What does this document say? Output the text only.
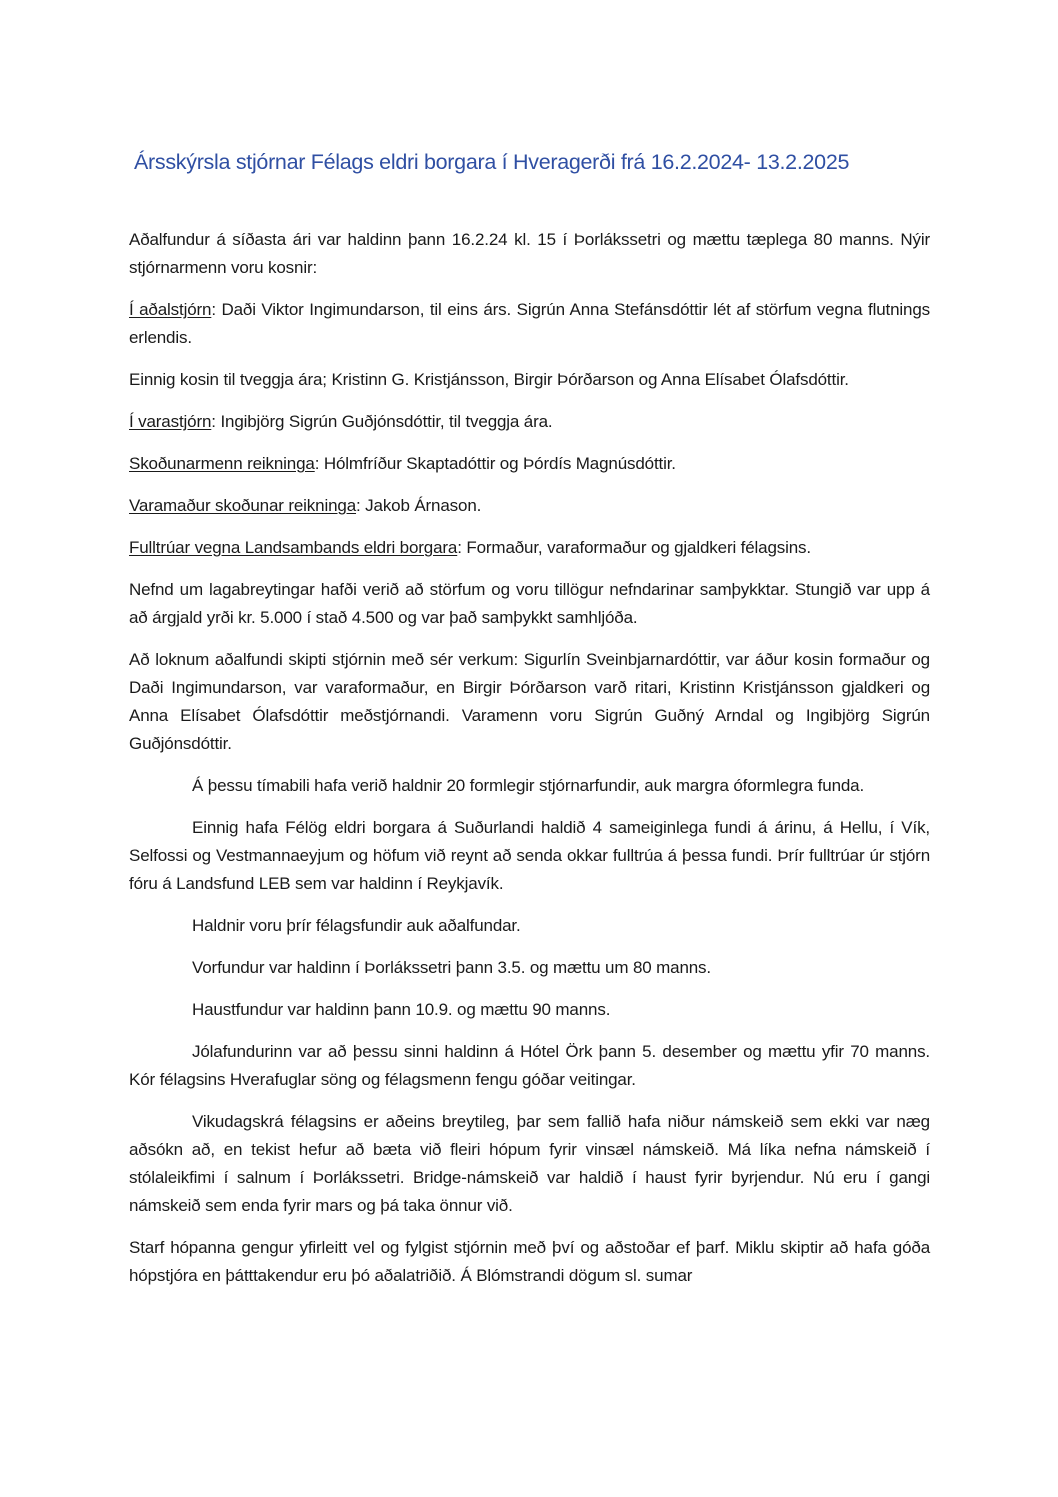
Ársskýrsla stjórnar Félags eldri borgara í Hveragerði frá 16.2.2024- 13.2.2025

Aðalfundur á síðasta ári var haldinn þann 16.2.24 kl. 15 í Þorlákssetri og mættu tæplega 80 manns. Nýir stjórnarmenn voru kosnir:

Í aðalstjórn: Daði Viktor Ingimundarson, til eins árs. Sigrún Anna Stefánsdóttir lét af störfum vegna flutnings erlendis.

Einnig kosin til tveggja ára; Kristinn G. Kristjánsson, Birgir Þórðarson og Anna Elísabet Ólafsdóttir.

Í varastjórn: Ingibjörg Sigrún Guðjónsdóttir, til tveggja ára.

Skoðunarmenn reikninga: Hólmfríður Skaptadóttir og Þórdís Magnúsdóttir.

Varamaður skoðunar reikninga: Jakob Árnason.

Fulltrúar vegna Landsambands eldri borgara: Formaður, varaformaður og gjaldkeri félagsins.

Nefnd um lagabreytingar hafði verið að störfum og voru tillögur nefndarinar samþykktar. Stungið var upp á að árgjald yrði kr. 5.000 í stað 4.500 og var það samþykkt samhljóða.

Að loknum aðalfundi skipti stjórnin með sér verkum: Sigurlín Sveinbjarnardóttir, var áður kosin formaður og Daði Ingimundarson, var varaformaður, en Birgir Þórðarson varð ritari, Kristinn Kristjánsson gjaldkeri og Anna Elísabet Ólafsdóttir meðstjórnandi. Varamenn voru Sigrún Guðný Arndal og Ingibjörg Sigrún Guðjónsdóttir.

Á þessu tímabili hafa verið haldnir 20 formlegir stjórnarfundir, auk margra óformlegra funda.

Einnig hafa Félög eldri borgara á Suðurlandi haldið 4 sameiginlega fundi á árinu, á Hellu, í Vík, Selfossi og Vestmannaeyjum og höfum við reynt að senda okkar fulltrúa á þessa fundi. Þrír fulltrúar úr stjórn fóru á Landsfund LEB sem var haldinn í Reykjavík.

Haldnir voru þrír félagsfundir auk aðalfundar.

Vorfundur var haldinn í Þorlákssetri þann 3.5. og mættu um 80 manns.

Haustfundur var haldinn þann 10.9. og mættu 90 manns.

Jólafundurinn var að þessu sinni haldinn á Hótel Örk þann 5. desember og mættu yfir 70 manns. Kór félagsins Hverafuglar söng og félagsmenn fengu góðar veitingar.

Vikudagskrá félagsins er aðeins breytileg, þar sem fallið hafa niður námskeið sem ekki var næg aðsókn að, en tekist hefur að bæta við fleiri hópum fyrir vinsæl námskeið. Má líka nefna námskeið í stólaleikfimi í salnum í Þorlákssetri. Bridge-námskeið var haldið í haust fyrir byrjendur. Nú eru í gangi námskeið sem enda fyrir mars og þá taka önnur við.

Starf hópanna gengur yfirleitt vel og fylgist stjórnin með því og aðstoðar ef þarf. Miklu skiptir að hafa góða hópstjóra en þátttakendur eru þó aðalatriðið. Á Blómstrandi dögum sl. sumar
